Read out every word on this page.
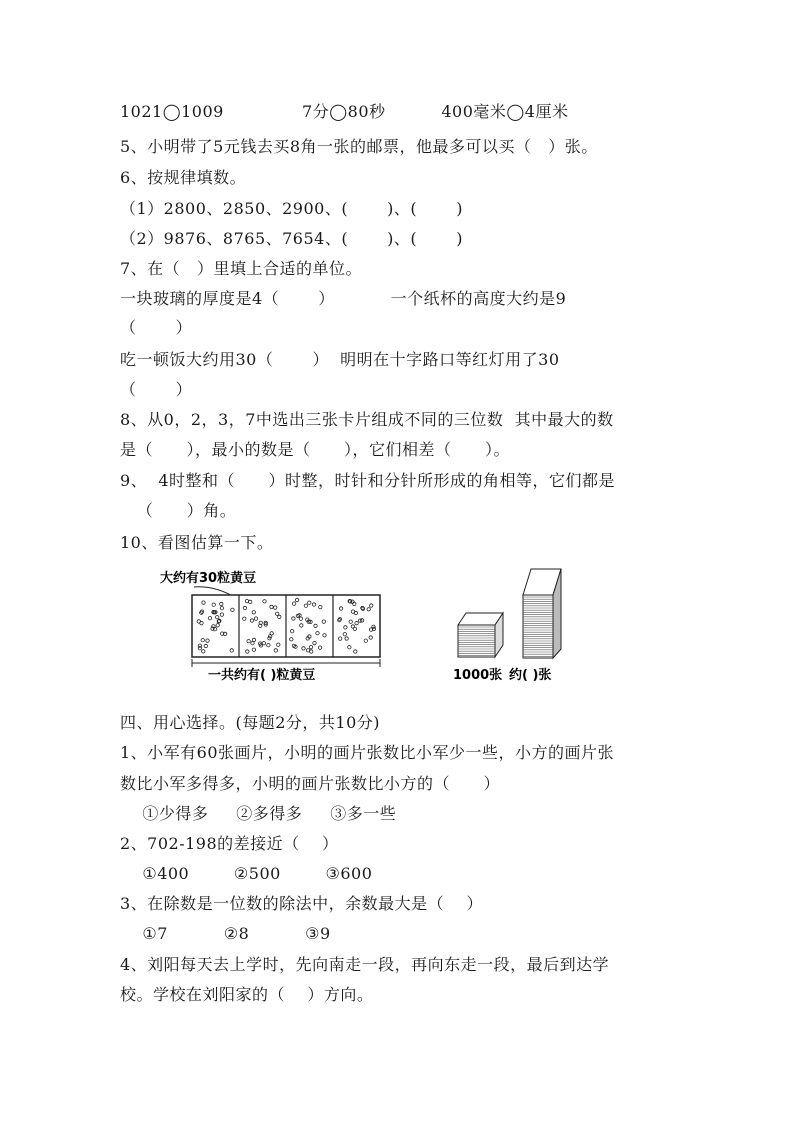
1021◯1009              7分◯80秒          400毫米◯4厘米
5、小明带了5元钱去买8角一张的邮票，他最多可以买（   ）张。
6、按规律填数。
（1）2800、2850、2900、(       )、(       )
（2）9876、8765、7654、(       )、(       )
7、在（   ）里填上合适的单位。
一块玻璃的厚度是4（       ）          一个纸杯的高度大约是9
（       ）
吃一顿饭大约用30（       ）  明明在十字路口等红灯用了30
（       ）
8、从0，2，3，7中选出三张卡片组成不同的三位数  其中最大的数
是（      ），最小的数是（      ），它们相差（      ）。
9、  4时整和（      ）时整，时针和分针所形成的角相等，它们都是
（      ）角。
10、看图估算一下。
大约有30粒黄豆
一共约有( )粒黄豆	1000张 约( )张
四、用心选择。(每题2分，共10分)
1、小军有60张画片，小明的画片张数比小军少一些，小方的画片张
数比小军多得多，小明的画片张数比小方的（      ）
①少得多     ②多得多     ③多一些
2、702-198的差接近（    ）
①400        ②500        ③600
3、在除数是一位数的除法中，余数最大是（    ）
①7          ②8          ③9
4、刘阳每天去上学时，先向南走一段，再向东走一段，最后到达学
校。学校在刘阳家的（    ）方向。
